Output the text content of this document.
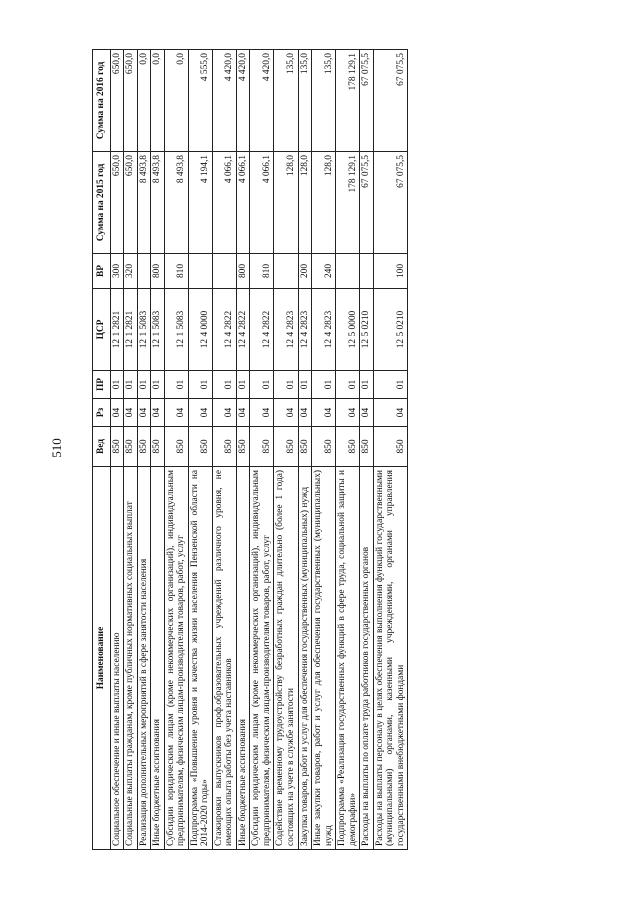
510
Наименование	Вед	Рз	ПР	ЦСР	ВР	Сумма на 2015 год	Сумма на 2016 год
Социальное обеспечение и иные выплаты населению	850	04	01	12 1 2821	300	650,0	650,0
Социальные выплаты гражданам, кроме публичных нормативных социальных выплат	850	04	01	12 1 2821	320	650,0	650,0
Реализация дополнительных мероприятий в сфере занятости населения	850	04	01	12 1 5083		8 493,8	0,0
Иные бюджетные ассигнования	850	04	01	12 1 5083	800	8 493,8	0,0
Субсидии юридическим лицам (кроме некоммерческих организаций), индивидуальным предпринимателям, физическим лицам-производителям товаров, работ, услуг	850	04	01	12 1 5083	810	8 493,8	0,0
Подпрограмма «Повышение уровня и качества жизни населения Пензенской области на 2014-2020 годы»	850	04	01	12 4 0000		4 194,1	4 555,0
Стажировки выпускников проф.образовательных учреждений различного уровня, не имеющих опыта работы без учета наставников	850	04	01	12 4 2822		4 066,1	4 420,0
Иные бюджетные ассигнования	850	04	01	12 4 2822	800	4 066,1	4 420,0
Субсидии юридическим лицам (кроме некоммерческих организаций), индивидуальным предпринимателям, физическим лицам-производителям товаров, работ, услуг	850	04	01	12 4 2822	810	4 066,1	4 420,0
Содействие временному трудоустройству безработных граждан длительно (более 1 года) состоящих на учете в службе занятости	850	04	01	12 4 2823		128,0	135,0
Закупка товаров, работ и услуг для обеспечения государственных (муниципальных) нужд	850	04	01	12 4 2823	200	128,0	135,0
Иные закупки товаров, работ и услуг для обеспечения государственных (муниципальных) нужд	850	04	01	12 4 2823	240	128,0	135,0
Подпрограмма «Реализация государственных функций в сфере труда, социальной защиты и демографии»	850	04	01	12 5 0000		178 129,1	178 129,1
Расходы на выплаты по оплате труда работников государственных органов	850	04	01	12 5 0210		67 075,5	67 075,5
Расходы на выплаты персоналу в целях обеспечения выполнения функций государственными (муниципальными) органами, казенными учреждениями, органами управления государственными внебюджетными фондами	850	04	01	12 5 0210	100	67 075,5	67 075,5
